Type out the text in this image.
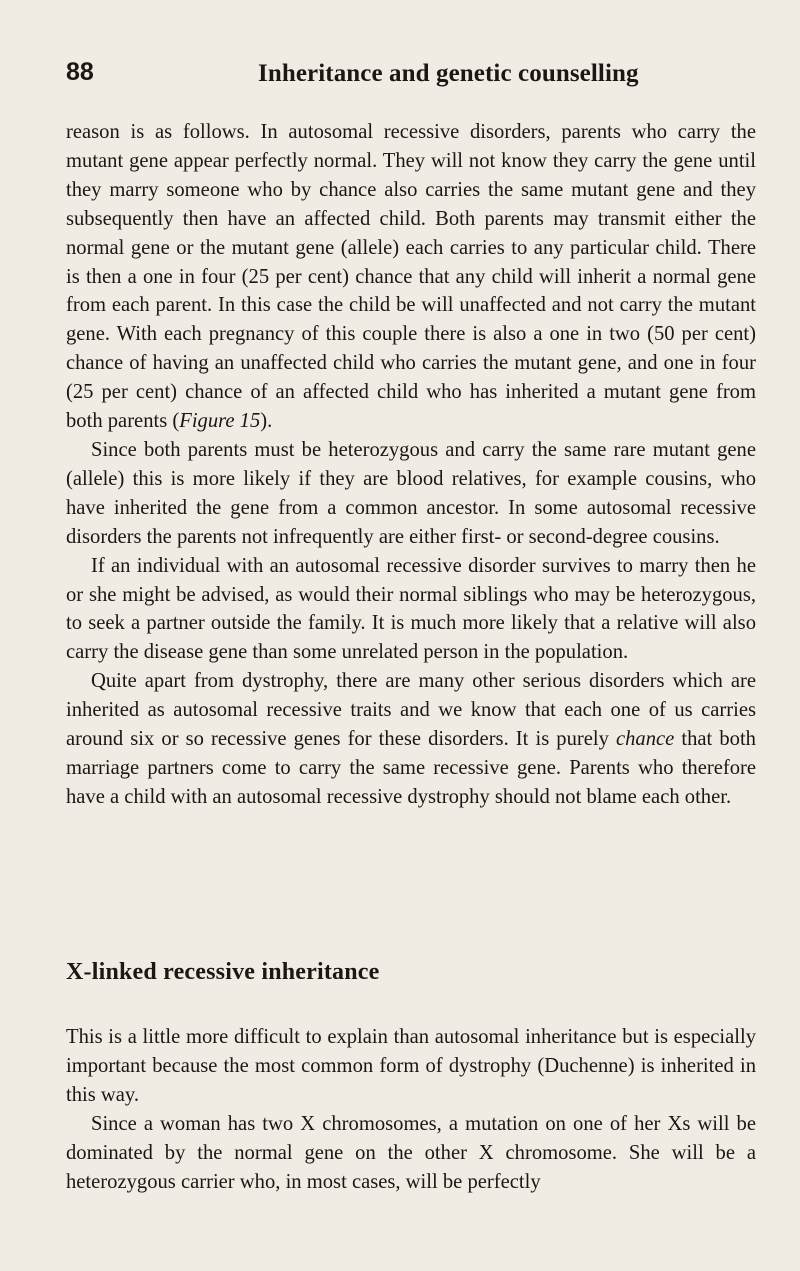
88	Inheritance and genetic counselling

reason is as follows. In autosomal recessive disorders, parents who carry the mutant gene appear perfectly normal. They will not know they carry the gene until they marry someone who by chance also carries the same mutant gene and they subsequently then have an affected child. Both parents may transmit either the normal gene or the mutant gene (allele) each carries to any particular child. There is then a one in four (25 per cent) chance that any child will inherit a normal gene from each parent. In this case the child be will unaffected and not carry the mutant gene. With each pregnancy of this couple there is also a one in two (50 per cent) chance of having an unaffected child who carries the mutant gene, and one in four (25 per cent) chance of an affected child who has inherited a mutant gene from both parents (Figure 15).

Since both parents must be heterozygous and carry the same rare mutant gene (allele) this is more likely if they are blood relatives, for example cousins, who have inherited the gene from a common ancestor. In some autosomal recessive disorders the parents not infrequently are either first- or second-degree cousins.

If an individual with an autosomal recessive disorder survives to marry then he or she might be advised, as would their normal siblings who may be heterozygous, to seek a partner outside the family. It is much more likely that a relative will also carry the disease gene than some unrelated person in the population.

Quite apart from dystrophy, there are many other serious disorders which are inherited as autosomal recessive traits and we know that each one of us carries around six or so recessive genes for these disorders. It is purely chance that both marriage partners come to carry the same recessive gene. Parents who therefore have a child with an autosomal recessive dystrophy should not blame each other.

X-linked recessive inheritance

This is a little more difficult to explain than autosomal inheritance but is especially important because the most common form of dystrophy (Duchenne) is inherited in this way.

Since a woman has two X chromosomes, a mutation on one of her Xs will be dominated by the normal gene on the other X chromosome. She will be a heterozygous carrier who, in most cases, will be perfectly
